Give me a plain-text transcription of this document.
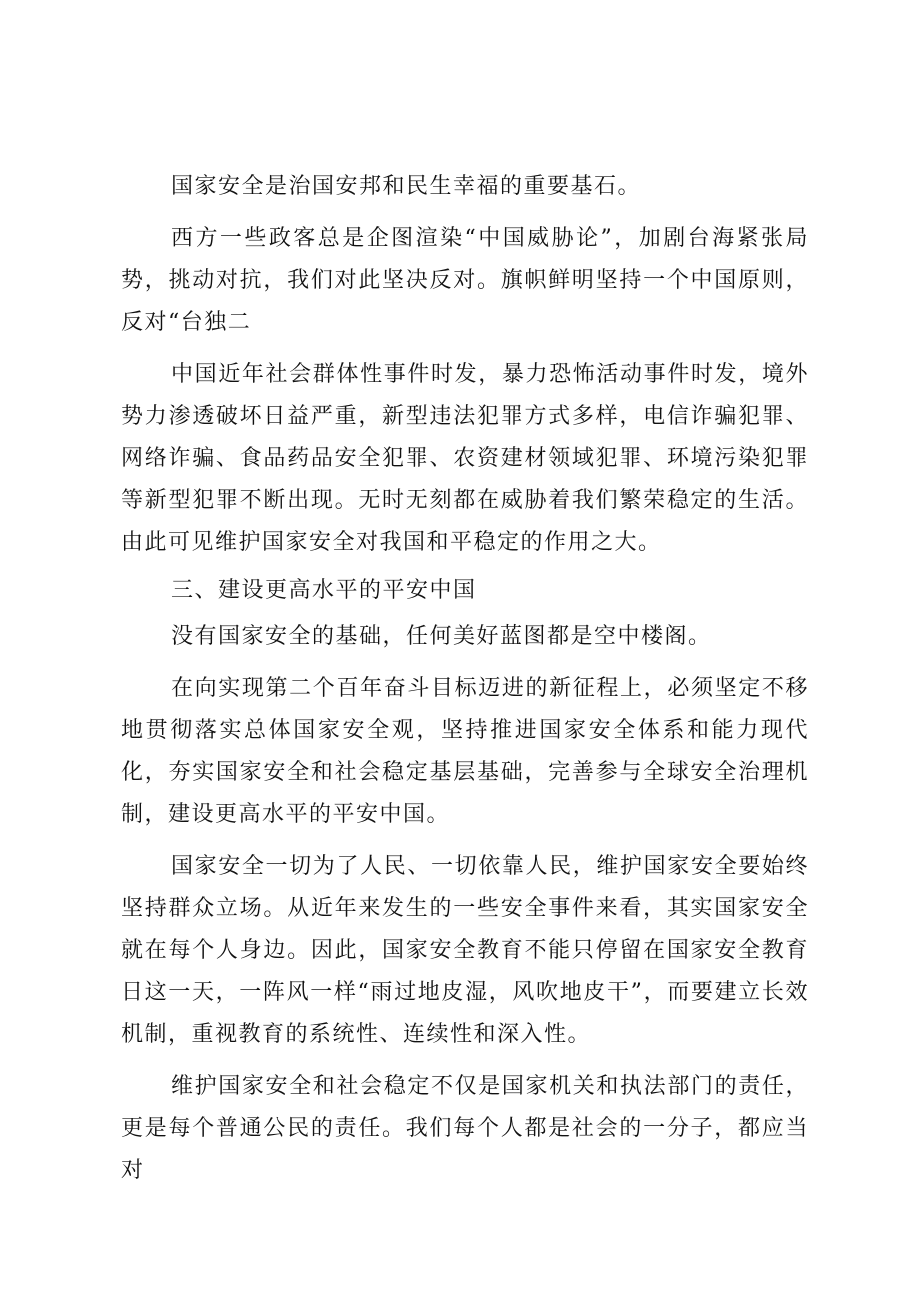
国家安全是治国安邦和民生幸福的重要基石。

西方一些政客总是企图渲染“中国威胁论”，加剧台海紧张局势，挑动对抗，我们对此坚决反对。旗帜鲜明坚持一个中国原则，反对“台独二

中国近年社会群体性事件时发，暴力恐怖活动事件时发，境外势力渗透破坏日益严重，新型违法犯罪方式多样，电信诈骗犯罪、网络诈骗、食品药品安全犯罪、农资建材领域犯罪、环境污染犯罪等新型犯罪不断出现。无时无刻都在威胁着我们繁荣稳定的生活。由此可见维护国家安全对我国和平稳定的作用之大。

三、建设更高水平的平安中国

没有国家安全的基础，任何美好蓝图都是空中楼阁。

在向实现第二个百年奋斗目标迈进的新征程上，必须坚定不移地贯彻落实总体国家安全观，坚持推进国家安全体系和能力现代化，夯实国家安全和社会稳定基层基础，完善参与全球安全治理机制，建设更高水平的平安中国。

国家安全一切为了人民、一切依靠人民，维护国家安全要始终坚持群众立场。从近年来发生的一些安全事件来看，其实国家安全就在每个人身边。因此，国家安全教育不能只停留在国家安全教育日这一天，一阵风一样“雨过地皮湿，风吹地皮干”，而要建立长效机制，重视教育的系统性、连续性和深入性。

维护国家安全和社会稳定不仅是国家机关和执法部门的责任，更是每个普通公民的责任。我们每个人都是社会的一分子，都应当对
